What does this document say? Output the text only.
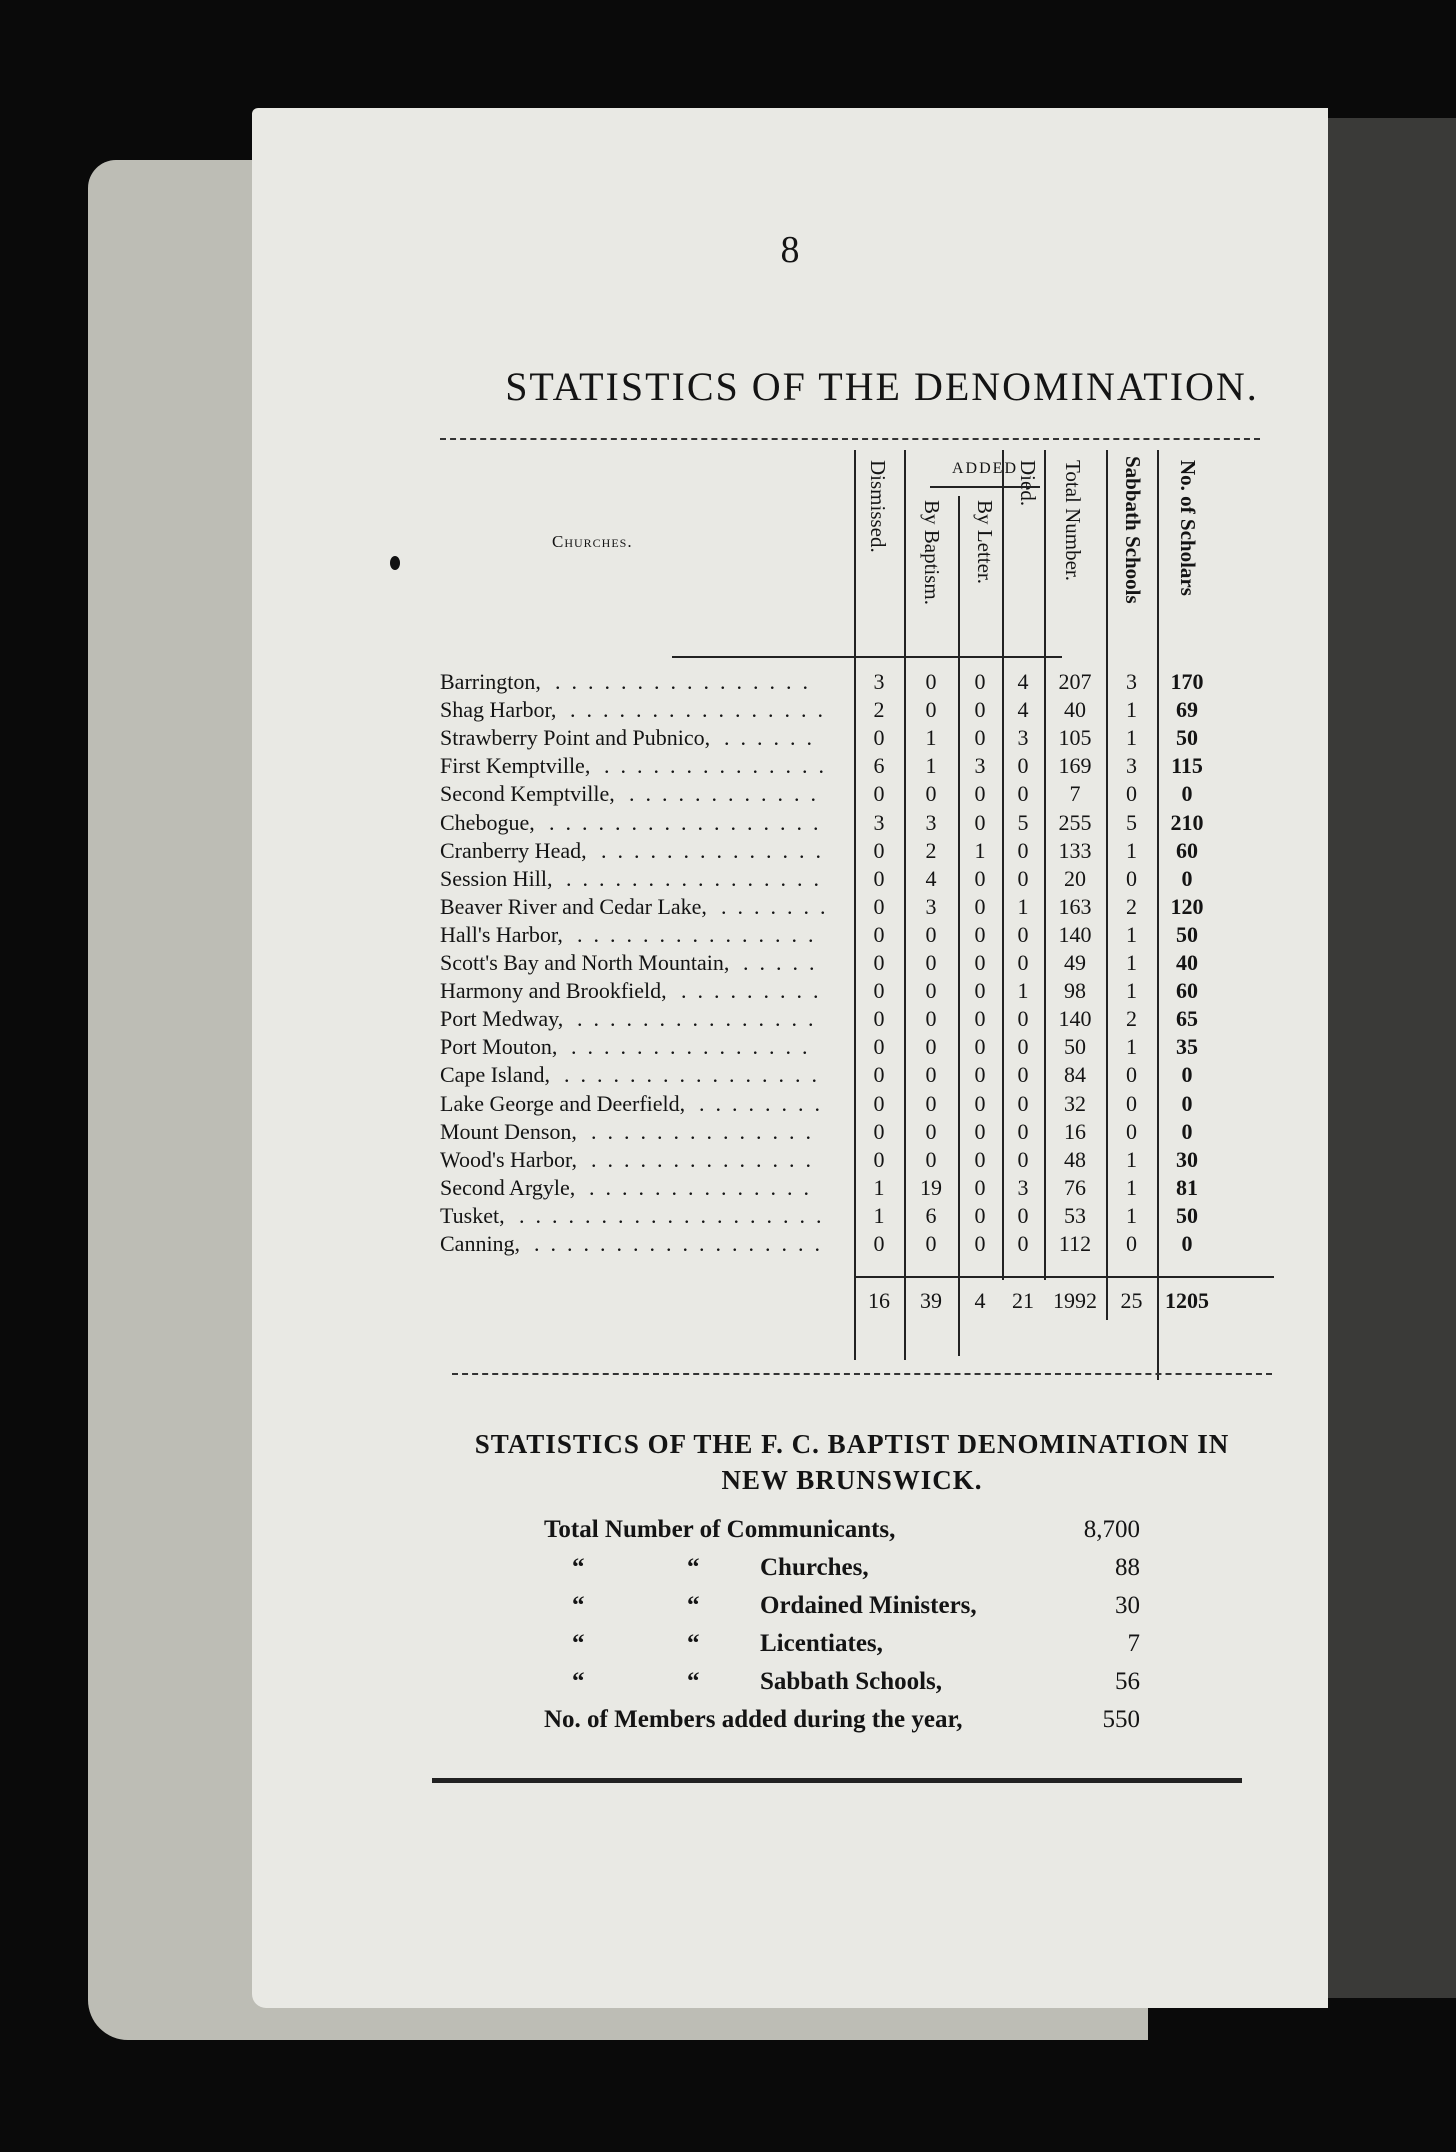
8
STATISTICS OF THE DENOMINATION.
Churches.
ADDED
Dismissed. By Baptism. By Letter.
Died. Total Number. Sabbath Schools No. of Scholars
Barrington,	3	0	0	4	207	3	170
................
Shag Harbor,	2	0	0	4	40	1	69
................
Strawberry Point and Pubnico,	0	1	0	3	105	1	50
......
First Kemptville,	6	1	3	0	169	3	115
..............
Second Kemptville,	0	0	0	0	7	0	0
............
Chebogue,	3	3	0	5	255	5	210
.................
Cranberry Head,	0	2	1	0	133	1	60
..............
Session Hill,	0	4	0	0	20	0	0
................
Beaver River and Cedar Lake,	0	3	0	1	163	2	120
.......
Hall's Harbor,	0	0	0	0	140	1	50
...............
Scott's Bay and North Mountain,	0	0	0	0	49	1	40
.....
Harmony and Brookfield,	0	0	0	1	98	1	60
.........
Port Medway,	0	0	0	0	140	2	65
...............
Port Mouton,	0	0	0	0	50	1	35
...............
Cape Island,	0	0	0	0	84	0	0
................
Lake George and Deerfield,	0	0	0	0	32	0	0
........
Mount Denson,	0	0	0	0	16	0	0
..............
Wood's Harbor,	0	0	0	0	48	1	30
..............
Second Argyle,	1	19	0	3	76	1	81
..............
Tusket,	1	6	0	0	53	1	50
...................
Canning,	0	0	0	0	112	0	0
..................
16	39	4	21 1992	25	1205
STATISTICS OF THE F. C. BAPTIST DENOMINATION IN
NEW BRUNSWICK.
Total Number of Communicants,	8,700
“	“ Churches,	88
“	“ Ordained Ministers,	30
“	“ Licentiates,	7
“	“ Sabbath Schools,	56
No. of Members added during the year,	550
